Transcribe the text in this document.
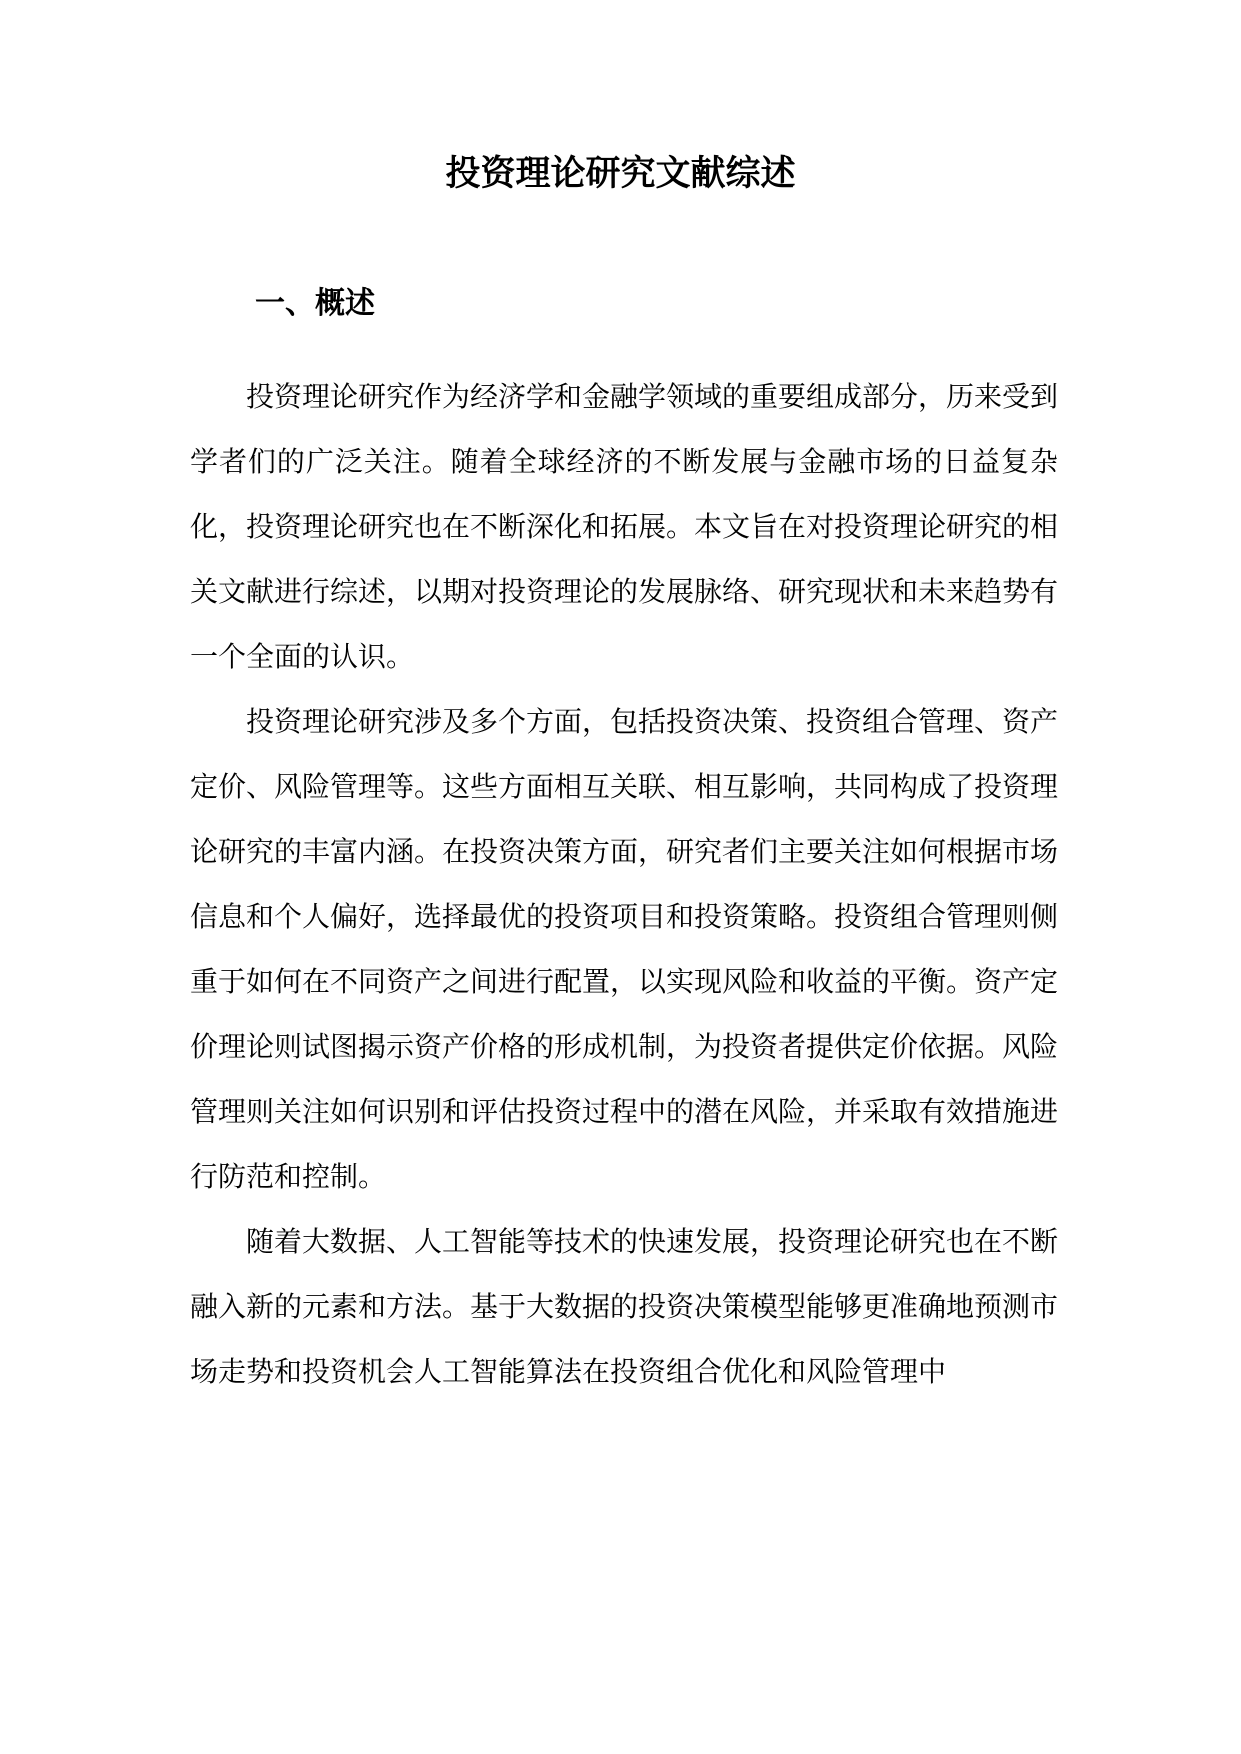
投资理论研究文献综述
一、概述

投资理论研究作为经济学和金融学领域的重要组成部分，历来受到学者们的广泛关注。随着全球经济的不断发展与金融市场的日益复杂化，投资理论研究也在不断深化和拓展。本文旨在对投资理论研究的相关文献进行综述，以期对投资理论的发展脉络、研究现状和未来趋势有一个全面的认识。

投资理论研究涉及多个方面，包括投资决策、投资组合管理、资产定价、风险管理等。这些方面相互关联、相互影响，共同构成了投资理论研究的丰富内涵。在投资决策方面，研究者们主要关注如何根据市场信息和个人偏好，选择最优的投资项目和投资策略。投资组合管理则侧重于如何在不同资产之间进行配置，以实现风险和收益的平衡。资产定价理论则试图揭示资产价格的形成机制，为投资者提供定价依据。风险管理则关注如何识别和评估投资过程中的潜在风险，并采取有效措施进行防范和控制。

随着大数据、人工智能等技术的快速发展，投资理论研究也在不断融入新的元素和方法。基于大数据的投资决策模型能够更准确地预测市场走势和投资机会人工智能算法在投资组合优化和风险管理中
